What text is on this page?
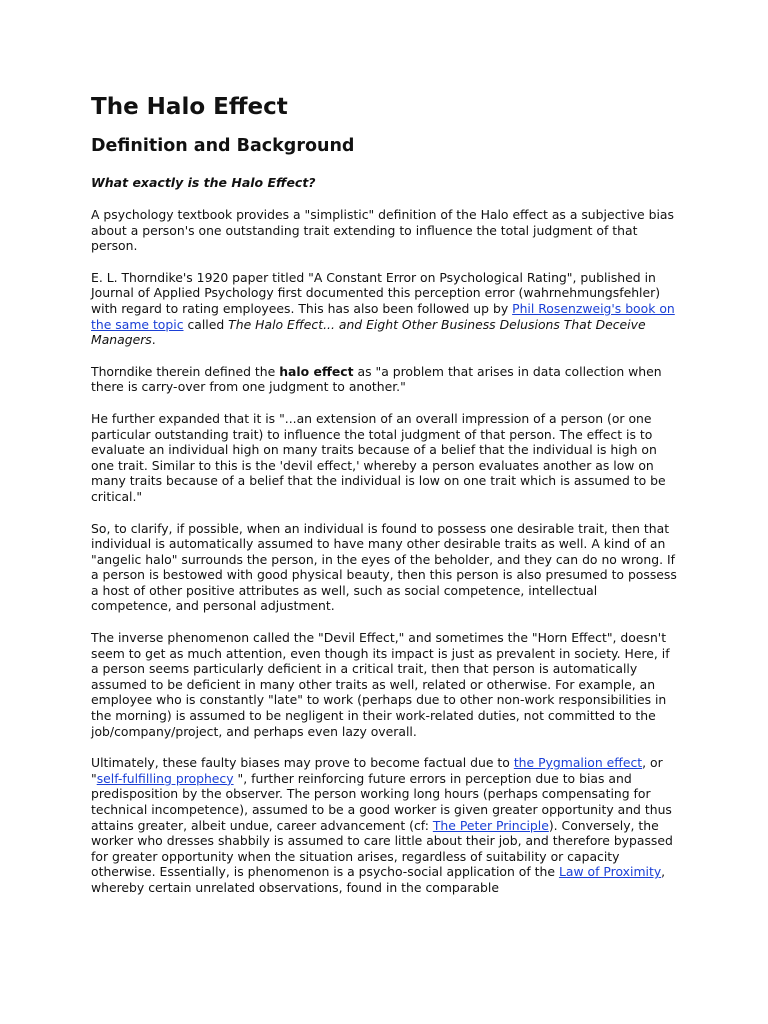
The Halo Effect
Definition and Background
What exactly is the Halo Effect?

A psychology textbook provides a "simplistic" definition of the Halo effect as a subjective bias about a person's one outstanding trait extending to influence the total judgment of that person.

E. L. Thorndike's 1920 paper titled "A Constant Error on Psychological Rating", published in Journal of Applied Psychology first documented this perception error (wahrnehmungsfehler) with regard to rating employees. This has also been followed up by Phil Rosenzweig's book on the same topic called The Halo Effect... and Eight Other Business Delusions That Deceive Managers.

Thorndike therein defined the halo effect as "a problem that arises in data collection when there is carry-over from one judgment to another."

He further expanded that it is "...an extension of an overall impression of a person (or one particular outstanding trait) to influence the total judgment of that person. The effect is to evaluate an individual high on many traits because of a belief that the individual is high on one trait. Similar to this is the 'devil effect,' whereby a person evaluates another as low on many traits because of a belief that the individual is low on one trait which is assumed to be critical."

So, to clarify, if possible, when an individual is found to possess one desirable trait, then that individual is automatically assumed to have many other desirable traits as well. A kind of an "angelic halo" surrounds the person, in the eyes of the beholder, and they can do no wrong. If a person is bestowed with good physical beauty, then this person is also presumed to possess a host of other positive attributes as well, such as social competence, intellectual competence, and personal adjustment.

The inverse phenomenon called the "Devil Effect," and sometimes the "Horn Effect", doesn't seem to get as much attention, even though its impact is just as prevalent in society. Here, if a person seems particularly deficient in a critical trait, then that person is automatically assumed to be deficient in many other traits as well, related or otherwise. For example, an employee who is constantly "late" to work (perhaps due to other non-work responsibilities in the morning) is assumed to be negligent in their work-related duties, not committed to the job/company/project, and perhaps even lazy overall.

Ultimately, these faulty biases may prove to become factual due to the Pygmalion effect, or "self-fulfilling prophecy ", further reinforcing future errors in perception due to bias and predisposition by the observer. The person working long hours (perhaps compensating for technical incompetence), assumed to be a good worker is given greater opportunity and thus attains greater, albeit undue, career advancement (cf: The Peter Principle). Conversely, the worker who dresses shabbily is assumed to care little about their job, and therefore bypassed for greater opportunity when the situation arises, regardless of suitability or capacity otherwise. Essentially, is phenomenon is a psycho-social application of the Law of Proximity, whereby certain unrelated observations, found in the comparable
